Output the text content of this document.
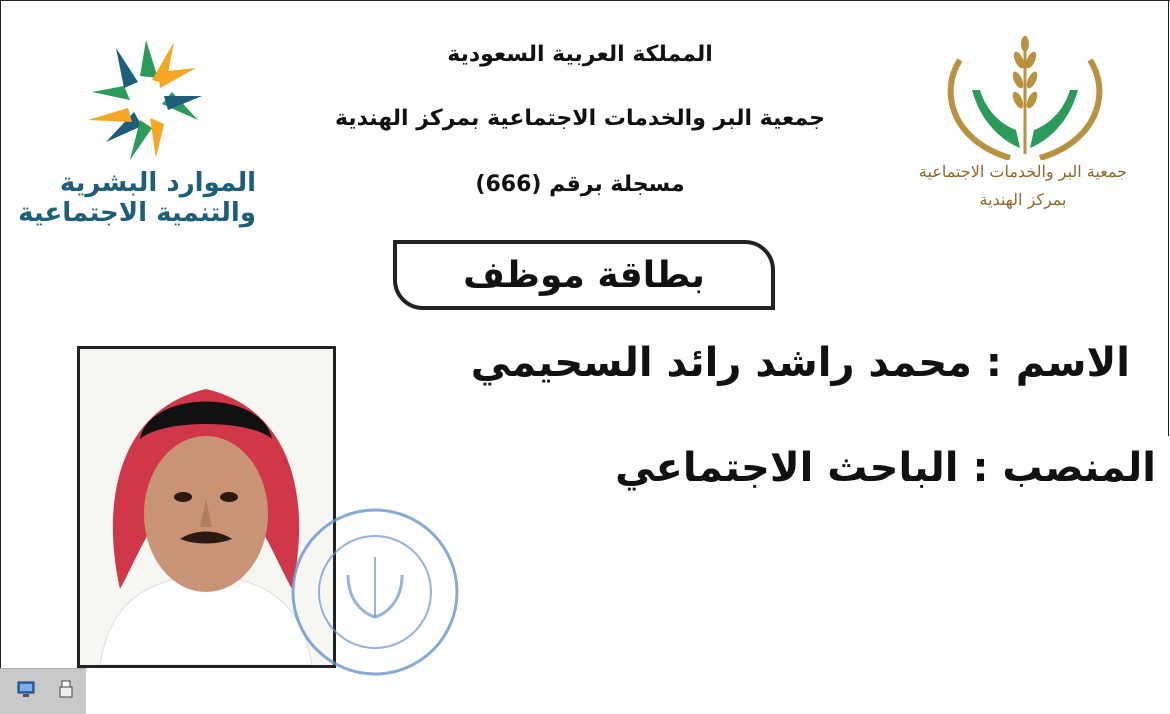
الموارد البشرية
والتنمية الاجتماعية
المملكة العربية السعودية
جمعية البر والخدمات الاجتماعية بمركز الهندية
مسجلة برقم (666)
جمعية البر والخدمات الاجتماعية
بمركز الهندية
بطاقة موظف
الاسم : محمد راشد رائد السحيمي
المنصب : الباحث الاجتماعي
